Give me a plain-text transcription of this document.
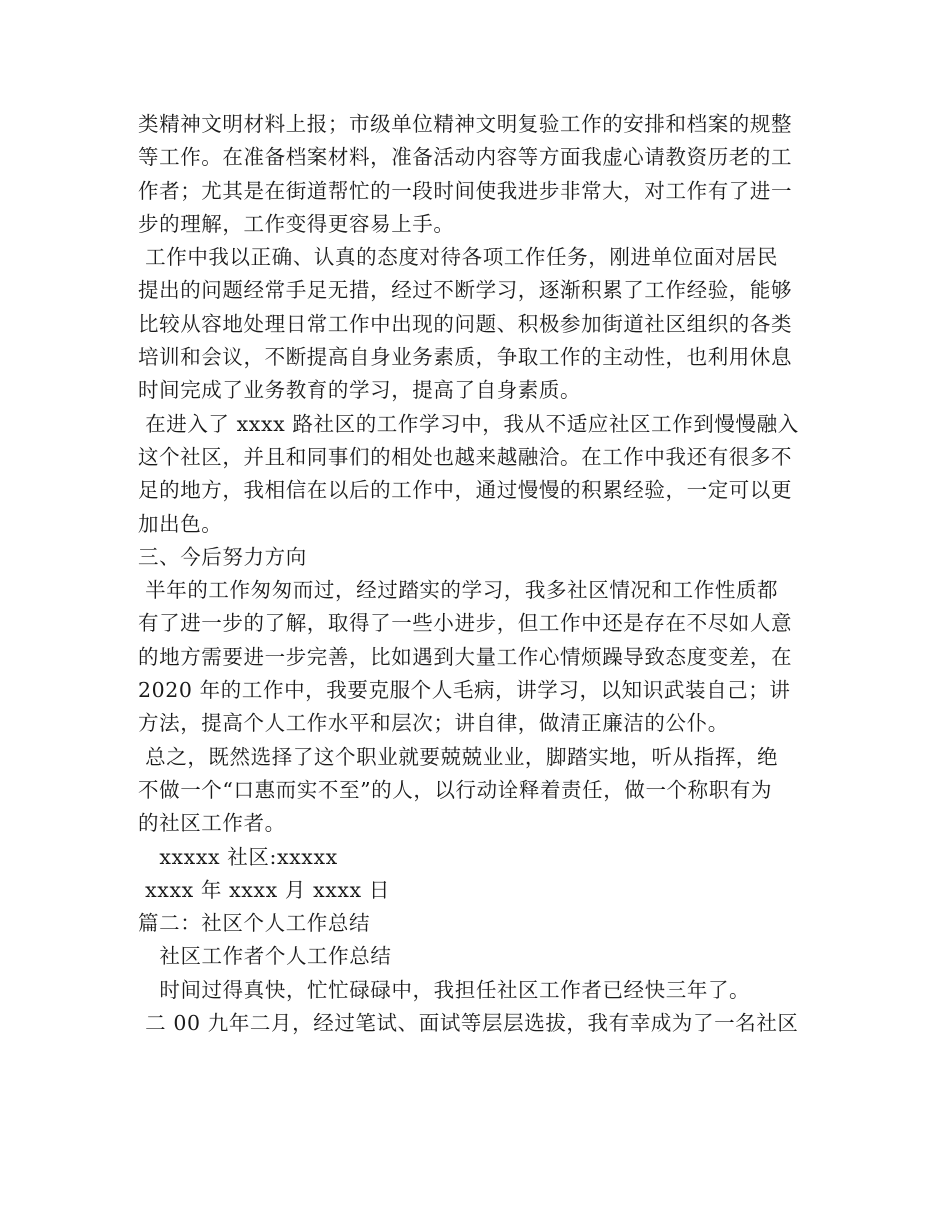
类精神文明材料上报；市级单位精神文明复验工作的安排和档案的规整
等工作。在准备档案材料，准备活动内容等方面我虚心请教资历老的工
作者；尤其是在街道帮忙的一段时间使我进步非常大，对工作有了进一
步的理解，工作变得更容易上手。
工作中我以正确、认真的态度对待各项工作任务，刚进单位面对居民
提出的问题经常手足无措，经过不断学习，逐渐积累了工作经验，能够
比较从容地处理日常工作中出现的问题、积极参加街道社区组织的各类
培训和会议，不断提高自身业务素质，争取工作的主动性，也利用休息
时间完成了业务教育的学习，提高了自身素质。
在进入了 xxxx 路社区的工作学习中，我从不适应社区工作到慢慢融入
这个社区，并且和同事们的相处也越来越融洽。在工作中我还有很多不
足的地方，我相信在以后的工作中，通过慢慢的积累经验，一定可以更
加出色。
三、今后努力方向
半年的工作匆匆而过，经过踏实的学习，我多社区情况和工作性质都
有了进一步的了解，取得了一些小进步，但工作中还是存在不尽如人意
的地方需要进一步完善，比如遇到大量工作心情烦躁导致态度变差，在
2020 年的工作中，我要克服个人毛病，讲学习，以知识武装自己；讲
方法，提高个人工作水平和层次；讲自律，做清正廉洁的公仆。
总之，既然选择了这个职业就要兢兢业业，脚踏实地，听从指挥，绝
不做一个“口惠而实不至”的人，以行动诠释着责任，做一个称职有为
的社区工作者。
xxxxx 社区:xxxxx
xxxx 年 xxxx 月 xxxx 日
篇二：社区个人工作总结
社区工作者个人工作总结
时间过得真快，忙忙碌碌中，我担任社区工作者已经快三年了。
二 00 九年二月，经过笔试、面试等层层选拔，我有幸成为了一名社区
